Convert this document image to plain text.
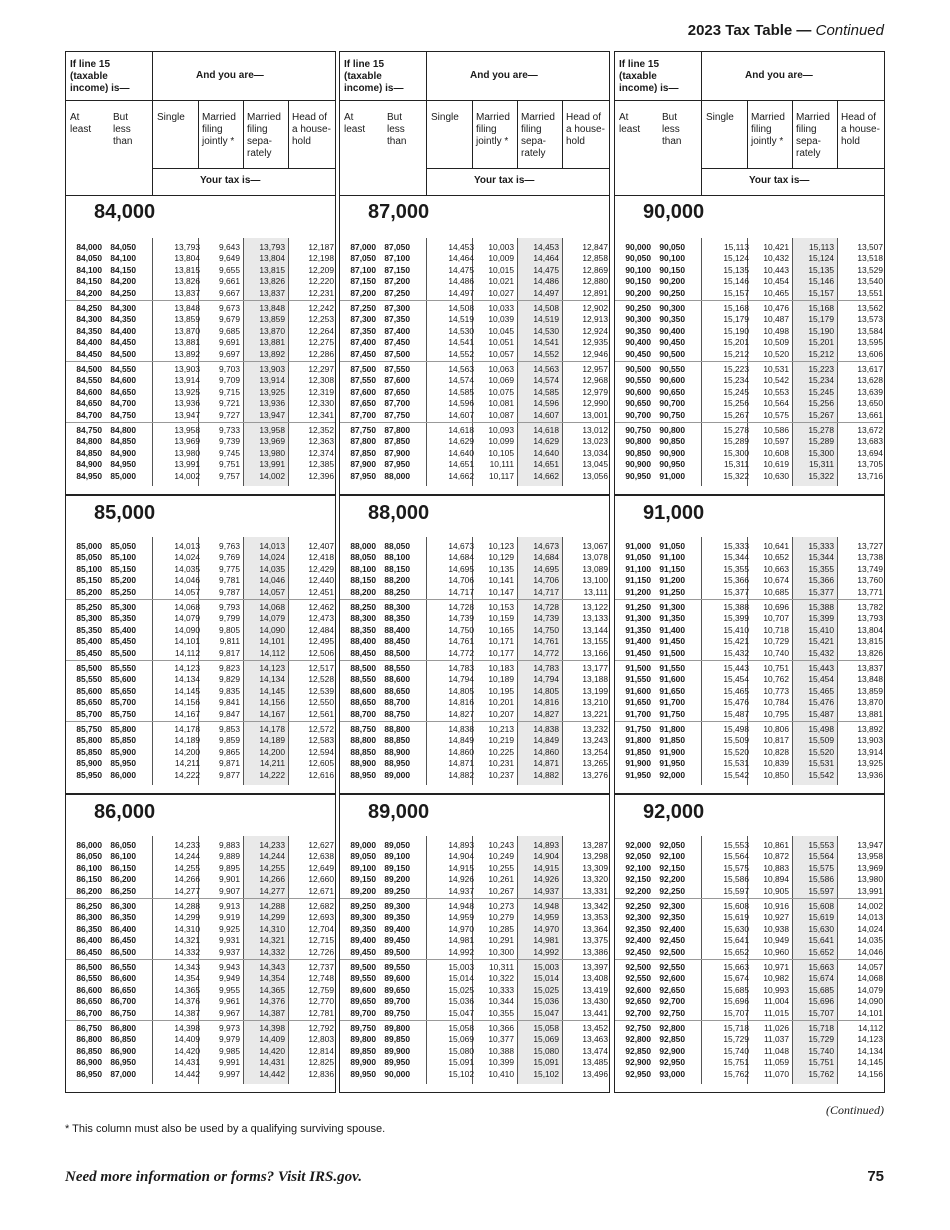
2023 Tax Table — Continued
If line 15 (taxable income) is—
And you are—
At least
But less than
Single	Married filing jointly *
Married filing sepa- rately
Head of a house- hold
Your tax is—
84,000
84,000 84,050	13,793 9,643 13,793	12,187
84,050 84,100	13,804 9,649 13,804	12,198
84,100 84,150	13,815 9,655 13,815	12,209
84,150 84,200	13,826 9,661 13,826	12,220
84,200 84,250	13,837 9,667 13,837	12,231
84,250 84,300	13,848 9,673 13,848	12,242
84,300 84,350	13,859 9,679 13,859	12,253
84,350 84,400	13,870 9,685 13,870	12,264
84,400 84,450	13,881 9,691 13,881	12,275
84,450 84,500	13,892 9,697 13,892	12,286
84,500 84,550	13,903 9,703 13,903	12,297
84,550 84,600	13,914 9,709 13,914	12,308
84,600 84,650	13,925 9,715 13,925	12,319
84,650 84,700	13,936 9,721 13,936	12,330
84,700 84,750	13,947 9,727 13,947	12,341
84,750 84,800	13,958 9,733 13,958	12,352
84,800 84,850	13,969 9,739 13,969	12,363
84,850 84,900	13,980 9,745 13,980	12,374
84,900 84,950	13,991 9,751 13,991	12,385
84,950 85,000	14,002 9,757 14,002	12,396
85,000
85,000 85,050	14,013 9,763 14,013	12,407
85,050 85,100	14,024 9,769 14,024	12,418
85,100 85,150	14,035 9,775 14,035	12,429
85,150 85,200	14,046 9,781 14,046	12,440
85,200 85,250	14,057 9,787 14,057	12,451
85,250 85,300	14,068 9,793 14,068	12,462
85,300 85,350	14,079 9,799 14,079	12,473
85,350 85,400	14,090 9,805 14,090	12,484
85,400 85,450	14,101 9,811 14,101	12,495
85,450 85,500	14,112 9,817 14,112	12,506
85,500 85,550	14,123 9,823 14,123	12,517
85,550 85,600	14,134 9,829 14,134	12,528
85,600 85,650	14,145 9,835 14,145	12,539
85,650 85,700	14,156 9,841 14,156	12,550
85,700 85,750	14,167 9,847 14,167	12,561
85,750 85,800	14,178 9,853 14,178	12,572
85,800 85,850	14,189 9,859 14,189	12,583
85,850 85,900	14,200 9,865 14,200	12,594
85,900 85,950	14,211 9,871 14,211	12,605
85,950 86,000	14,222 9,877 14,222	12,616
86,000
86,000 86,050	14,233 9,883 14,233	12,627
86,050 86,100	14,244 9,889 14,244	12,638
86,100 86,150	14,255 9,895 14,255	12,649
86,150 86,200	14,266 9,901 14,266	12,660
86,200 86,250	14,277 9,907 14,277	12,671
86,250 86,300	14,288 9,913 14,288	12,682
86,300 86,350	14,299 9,919 14,299	12,693
86,350 86,400	14,310 9,925 14,310	12,704
86,400 86,450	14,321 9,931 14,321	12,715
86,450 86,500	14,332 9,937 14,332	12,726
86,500 86,550	14,343 9,943 14,343	12,737
86,550 86,600	14,354 9,949 14,354	12,748
86,600 86,650	14,365 9,955 14,365	12,759
86,650 86,700	14,376 9,961 14,376	12,770
86,700 86,750	14,387 9,967 14,387	12,781
86,750 86,800	14,398 9,973 14,398	12,792
86,800 86,850	14,409 9,979 14,409	12,803
86,850 86,900	14,420 9,985 14,420	12,814
86,900 86,950	14,431 9,991 14,431	12,825
86,950 87,000	14,442 9,997 14,442	12,836
If line 15 (taxable income) is—
And you are—
At least
But less than
Single	Married filing jointly *
Married filing sepa- rately
Head of a house- hold
Your tax is—
87,000
87,000 87,050	14,453 10,003 14,453	12,847
87,050 87,100	14,464 10,009 14,464	12,858
87,100 87,150	14,475 10,015 14,475	12,869
87,150 87,200	14,486 10,021 14,486	12,880
87,200 87,250	14,497 10,027 14,497	12,891
87,250 87,300	14,508 10,033 14,508	12,902
87,300 87,350	14,519 10,039 14,519	12,913
87,350 87,400	14,530 10,045 14,530	12,924
87,400 87,450	14,541 10,051 14,541	12,935
87,450 87,500	14,552 10,057 14,552	12,946
87,500 87,550	14,563 10,063 14,563	12,957
87,550 87,600	14,574 10,069 14,574	12,968
87,600 87,650	14,585 10,075 14,585	12,979
87,650 87,700	14,596 10,081 14,596	12,990
87,700 87,750	14,607 10,087 14,607	13,001
87,750 87,800	14,618 10,093 14,618	13,012
87,800 87,850	14,629 10,099 14,629	13,023
87,850 87,900	14,640 10,105 14,640	13,034
87,900 87,950	14,651 10,111 14,651	13,045
87,950 88,000	14,662 10,117 14,662	13,056
88,000
88,000 88,050	14,673 10,123 14,673	13,067
88,050 88,100	14,684 10,129 14,684	13,078
88,100 88,150	14,695 10,135 14,695	13,089
88,150 88,200	14,706 10,141 14,706	13,100
88,200 88,250	14,717 10,147 14,717	13,111
88,250 88,300	14,728 10,153 14,728	13,122
88,300 88,350	14,739 10,159 14,739	13,133
88,350 88,400	14,750 10,165 14,750	13,144
88,400 88,450	14,761 10,171 14,761	13,155
88,450 88,500	14,772 10,177 14,772	13,166
88,500 88,550	14,783 10,183 14,783	13,177
88,550 88,600	14,794 10,189 14,794	13,188
88,600 88,650	14,805 10,195 14,805	13,199
88,650 88,700	14,816 10,201 14,816	13,210
88,700 88,750	14,827 10,207 14,827	13,221
88,750 88,800	14,838 10,213 14,838	13,232
88,800 88,850	14,849 10,219 14,849	13,243
88,850 88,900	14,860 10,225 14,860	13,254
88,900 88,950	14,871 10,231 14,871	13,265
88,950 89,000	14,882 10,237 14,882	13,276
89,000
89,000 89,050	14,893 10,243 14,893	13,287
89,050 89,100	14,904 10,249 14,904	13,298
89,100 89,150	14,915 10,255 14,915	13,309
89,150 89,200	14,926 10,261 14,926	13,320
89,200 89,250	14,937 10,267 14,937	13,331
89,250 89,300	14,948 10,273 14,948	13,342
89,300 89,350	14,959 10,279 14,959	13,353
89,350 89,400	14,970 10,285 14,970	13,364
89,400 89,450	14,981 10,291 14,981	13,375
89,450 89,500	14,992 10,300 14,992	13,386
89,500 89,550	15,003 10,311 15,003	13,397
89,550 89,600	15,014 10,322 15,014	13,408
89,600 89,650	15,025 10,333 15,025	13,419
89,650 89,700	15,036 10,344 15,036	13,430
89,700 89,750	15,047 10,355 15,047	13,441
89,750 89,800	15,058 10,366 15,058	13,452
89,800 89,850	15,069 10,377 15,069	13,463
89,850 89,900	15,080 10,388 15,080	13,474
89,900 89,950	15,091 10,399 15,091	13,485
89,950 90,000	15,102 10,410 15,102	13,496
If line 15 (taxable income) is—
And you are—
At least
But less than
Single	Married filing jointly *
Married filing sepa- rately
Head of a house- hold
Your tax is—
90,000
90,000 90,050	15,113 10,421 15,113	13,507
90,050 90,100	15,124 10,432 15,124	13,518
90,100 90,150	15,135 10,443 15,135	13,529
90,150 90,200	15,146 10,454 15,146	13,540
90,200 90,250	15,157 10,465 15,157	13,551
90,250 90,300	15,168 10,476 15,168	13,562
90,300 90,350	15,179 10,487 15,179	13,573
90,350 90,400	15,190 10,498 15,190	13,584
90,400 90,450	15,201 10,509 15,201	13,595
90,450 90,500	15,212 10,520 15,212	13,606
90,500 90,550	15,223 10,531 15,223	13,617
90,550 90,600	15,234 10,542 15,234	13,628
90,600 90,650	15,245 10,553 15,245	13,639
90,650 90,700	15,256 10,564 15,256	13,650
90,700 90,750	15,267 10,575 15,267	13,661
90,750 90,800	15,278 10,586 15,278	13,672
90,800 90,850	15,289 10,597 15,289	13,683
90,850 90,900	15,300 10,608 15,300	13,694
90,900 90,950	15,311 10,619 15,311	13,705
90,950 91,000	15,322 10,630 15,322	13,716
91,000
91,000 91,050	15,333 10,641 15,333	13,727
91,050 91,100	15,344 10,652 15,344	13,738
91,100 91,150	15,355 10,663 15,355	13,749
91,150 91,200	15,366 10,674 15,366	13,760
91,200 91,250	15,377 10,685 15,377	13,771
91,250 91,300	15,388 10,696 15,388	13,782
91,300 91,350	15,399 10,707 15,399	13,793
91,350 91,400	15,410 10,718 15,410	13,804
91,400 91,450	15,421 10,729 15,421	13,815
91,450 91,500	15,432 10,740 15,432	13,826
91,500 91,550	15,443 10,751 15,443	13,837
91,550 91,600	15,454 10,762 15,454	13,848
91,600 91,650	15,465 10,773 15,465	13,859
91,650 91,700	15,476 10,784 15,476	13,870
91,700 91,750	15,487 10,795 15,487	13,881
91,750 91,800	15,498 10,806 15,498	13,892
91,800 91,850	15,509 10,817 15,509	13,903
91,850 91,900	15,520 10,828 15,520	13,914
91,900 91,950	15,531 10,839 15,531	13,925
91,950 92,000	15,542 10,850 15,542	13,936
92,000
92,000 92,050	15,553 10,861 15,553	13,947
92,050 92,100	15,564 10,872 15,564	13,958
92,100 92,150	15,575 10,883 15,575	13,969
92,150 92,200	15,586 10,894 15,586	13,980
92,200 92,250	15,597 10,905 15,597	13,991
92,250 92,300	15,608 10,916 15,608	14,002
92,300 92,350	15,619 10,927 15,619	14,013
92,350 92,400	15,630 10,938 15,630	14,024
92,400 92,450	15,641 10,949 15,641	14,035
92,450 92,500	15,652 10,960 15,652	14,046
92,500 92,550	15,663 10,971 15,663	14,057
92,550 92,600	15,674 10,982 15,674	14,068
92,600 92,650	15,685 10,993 15,685	14,079
92,650 92,700	15,696 11,004 15,696	14,090
92,700 92,750	15,707 11,015 15,707	14,101
92,750 92,800	15,718 11,026 15,718	14,112
92,800 92,850	15,729 11,037 15,729	14,123
92,850 92,900	15,740 11,048 15,740	14,134
92,900 92,950	15,751 11,059 15,751	14,145
92,950 93,000	15,762 11,070 15,762	14,156
(Continued)
* This column must also be used by a qualifying surviving spouse.
Need more information or forms? Visit IRS.gov.	75
